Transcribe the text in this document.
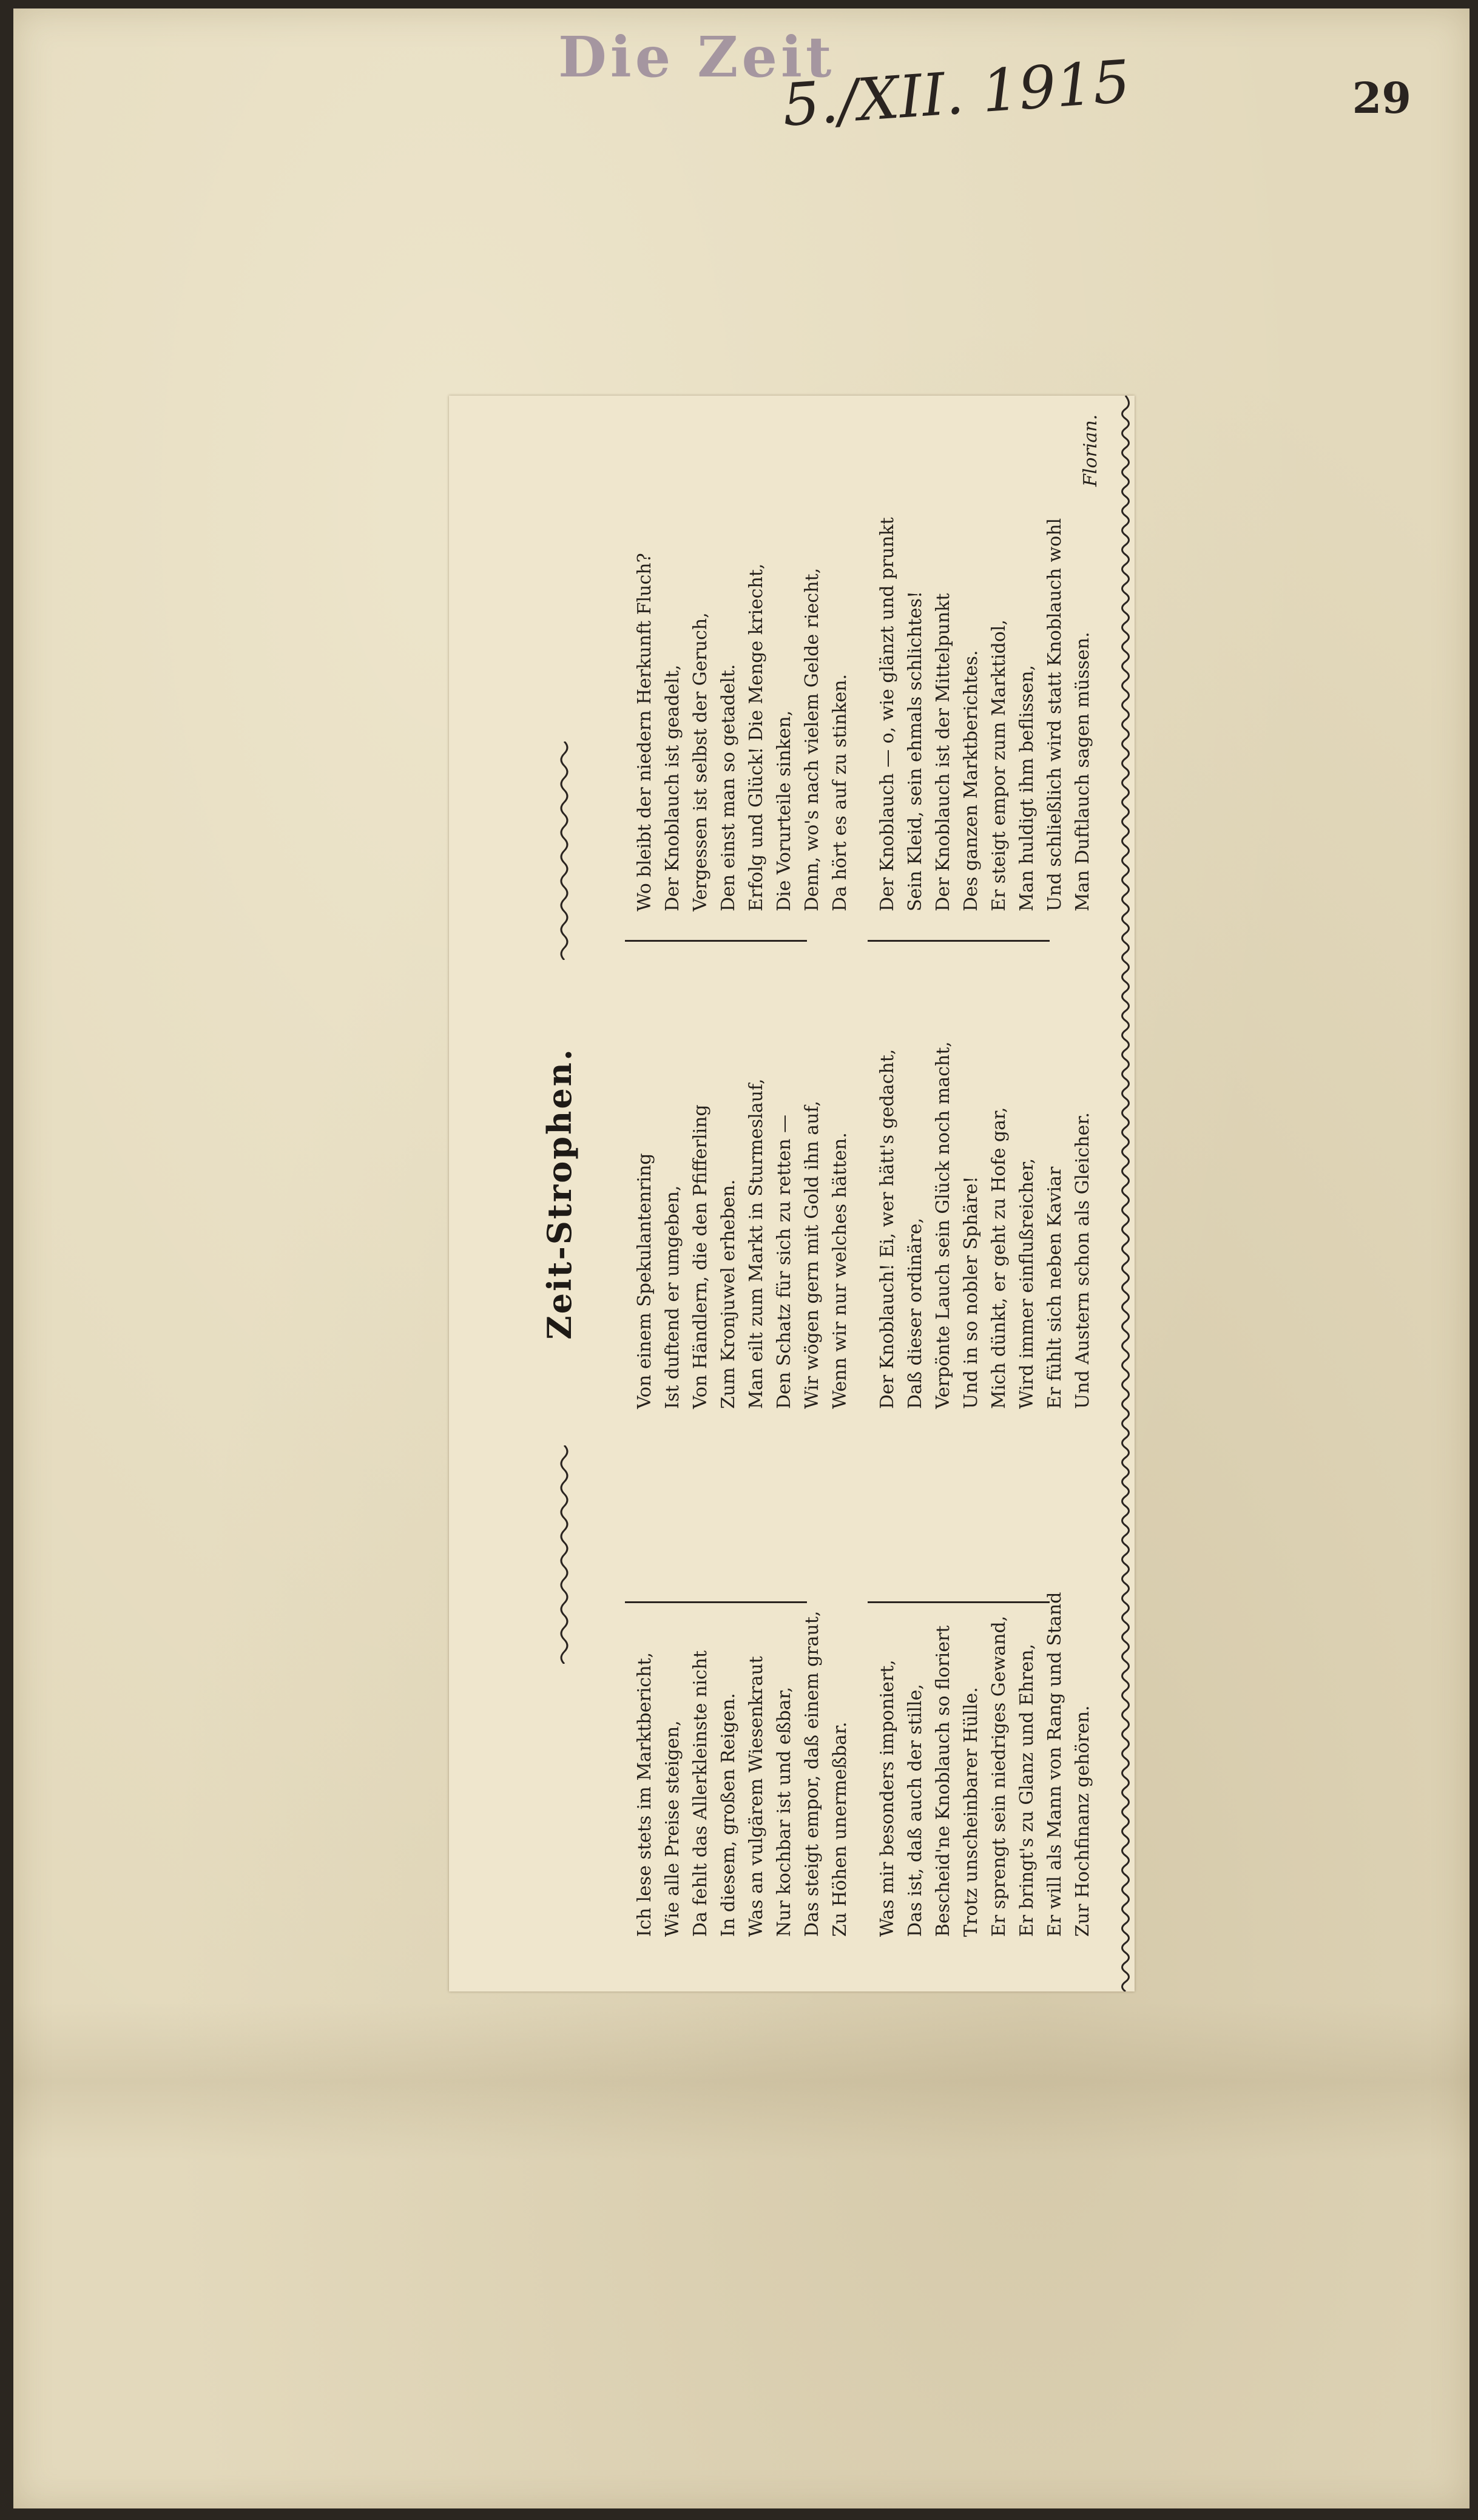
Die Zeit
5./XII. 1915	29
Zeit-Strophen.
Ich lese stets im Marktbericht, Wie alle Preise steigen, Da fehlt das Allerkleinste nicht In diesem, großen Reigen. Was an vulgärem Wiesenkraut Nur kochbar ist und eßbar, Das steigt empor, daß einem graut, Zu Höhen unermeßbar. Was mir besonders imponiert, Das ist, daß auch der stille, Bescheid'ne Knoblauch so floriert Trotz unscheinbarer Hülle. Er sprengt sein niedriges Gewand, Er bringt's zu Glanz und Ehren, Er will als Mann von Rang und Stand Zur Hochfinanz gehören.
Von einem Spekulantenring Ist duftend er umgeben, Von Händlern, die den Pfifferling Zum Kronjuwel erheben. Man eilt zum Markt in Sturmeslauf, Den Schatz für sich zu retten — Wir wögen gern mit Gold ihn auf, Wenn wir nur welches hätten. Der Knoblauch! Ei, wer hätt's gedacht, Daß dieser ordinäre, Verpönte Lauch sein Glück noch macht, Und in so nobler Sphäre! Mich dünkt, er geht zu Hofe gar, Wird immer einflußreicher, Er fühlt sich neben Kaviar Und Austern schon als Gleicher.
Wo bleibt der niedern Herkunft Fluch? Der Knoblauch ist geadelt, Vergessen ist selbst der Geruch, Den einst man so getadelt. Erfolg und Glück! Die Menge kriecht, Die Vorurteile sinken, Denn, wo's nach vielem Gelde riecht, Da hört es auf zu stinken. Der Knoblauch — o, wie glänzt und prunkt Sein Kleid, sein ehmals schlichtes! Der Knoblauch ist der Mittelpunkt Des ganzen Marktberichtes. Er steigt empor zum Marktidol, Man huldigt ihm beflissen, Und schließlich wird statt Knoblauch wohl Man Duftlauch sagen müssen.
Florian.
